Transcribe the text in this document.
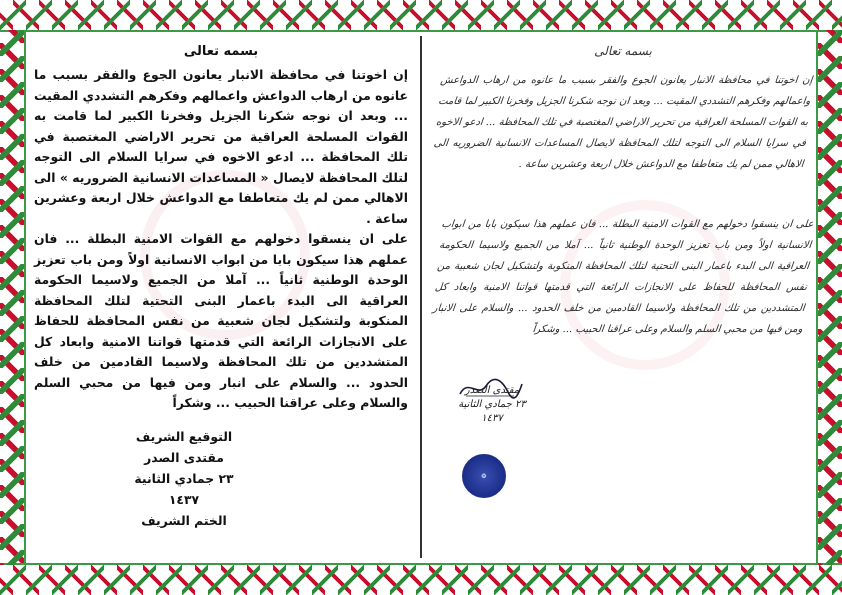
بسمه تعالى

إن اخوتنا في محافظة الانبار يعانون الجوع والفقر بسبب ما عانوه من ارهاب الدواعش واعمالهم وفكرهم التشددي المقيت ... وبعد ان نوجه شكرنا الجزيل وفخرنا الكبير لما قامت به القوات المسلحة العراقية من تحرير الاراضي المغتصبة في تلك المحافظة ... ادعو الاخوه في سرايا السلام الى التوجه لتلك المحافظة لايصال « المساعدات الانسانية الضروريه » الى الاهالي ممن لم يك متعاطفا مع الدواعش خلال اربعة وعشرين ساعة .

على ان ينسقوا دخولهم مع القوات الامنية البطلة ... فان عملهم هذا سيكون بابا من ابواب الانسانية اولاً ومن باب تعزيز الوحدة الوطنية ثانياً ... آملا من الجميع ولاسيما الحكومة العراقية الى البدء باعمار البنى التحتية لتلك المحافظة المنكوبة ولتشكيل لجان شعبية من نفس المحافظة للحفاظ على الانجازات الرائعة التي قدمتها قواتنا الامنية وابعاد كل المتشددين من تلك المحافظة ولاسيما القادمين من خلف الحدود ... والسلام على انبار ومن فيها من محبي السلم والسلام وعلى عراقنا الحبيب ... وشكراً

التوقيع الشريف
مقتدى الصدر
٢٣ جمادي الثانية ١٤٣٧
الختم الشريف
بسمه تعالى
إن اخوتنا في محافظة الانبار يعانون الجوع والفقر بسبب ما عانوه من ارهاب الدواعش واعمالهم وفكرهم التشددي المقيت ... وبعد ان نوجه شكرنا الجزيل وفخرنا الكبير لما قامت به القوات المسلحة العراقية من تحرير الاراضي المغتصبة في تلك المحافظة ... ادعو الاخوه في سرايا السلام الى التوجه لتلك المحافظة لايصال المساعدات الانسانية الضروريه الى الاهالي ممن لم يك متعاطفا مع الدواعش خلال اربعة وعشرين ساعة .
على ان ينسقوا دخولهم مع القوات الامنية البطلة ... فان عملهم هذا سيكون بابا من ابواب الانسانية اولاً ومن باب تعزيز الوحدة الوطنية ثانياً ... آملا من الجميع ولاسيما الحكومة العراقية الى البدء باعمار البنى التحتية لتلك المحافظة المنكوبة ولتشكيل لجان شعبية من نفس المحافظة للحفاظ على الانجازات الرائعة التي قدمتها قواتنا الامنية وابعاد كل المتشددين من تلك المحافظة ولاسيما القادمين من خلف الحدود ... والسلام على الانبار ومن فيها من محبي السلم والسلام وعلى عراقنا الحبيب ... وشكراً
مقتدى الصدر
٢٣ جمادي الثانية ١٤٣٧
❂
